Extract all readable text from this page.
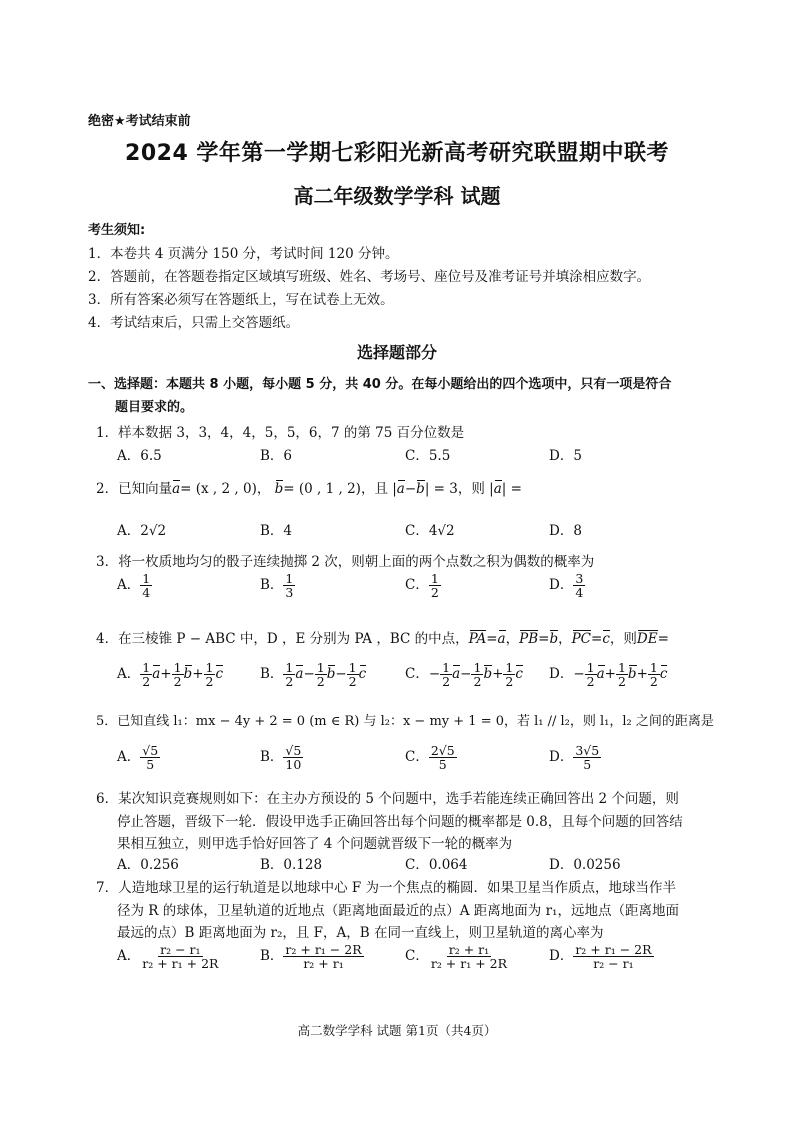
绝密★考试结束前
2024 学年第一学期七彩阳光新高考研究联盟期中联考
高二年级数学学科 试题
考生须知:
1．本卷共 4 页满分 150 分，考试时间 120 分钟。
2．答题前，在答题卷指定区域填写班级、姓名、考场号、座位号及准考证号并填涂相应数字。
3．所有答案必须写在答题纸上，写在试卷上无效。
4．考试结束后，只需上交答题纸。
选择题部分
一、选择题：本题共 8 小题，每小题 5 分，共 40 分。在每小题给出的四个选项中，只有一项是符合
题目要求的。
1．样本数据 3，3，4，4，5，5，6，7 的第 75 百分位数是
A．6.5	B．6	C．5.5	D．5
2．已知向量a= (x , 2 , 0)， b= (0 , 1 , 2)，且 |a−b| = 3，则 |a| =
A．2√2	B．4	C．4√2	D．8
3．将一枚质地均匀的骰子连续抛掷 2 次，则朝上面的两个点数之积为偶数的概率为
A． $\frac{1}{4}$	B． $\frac{1}{3}$	C． $\frac{1}{2}$	D． $\frac{3}{4}$
4．在三棱锥 P − ABC 中，D ，E 分别为 PA ，BC 的中点，PA=a，PB=b，PC=c，则DE=
A． $\frac{1}{2} a+ \frac{1}{2} b+ \frac{1}{2}$ c	B． $\frac{1}{2} a- \frac{1}{2} b- \frac{1}{2}$ c	C．− $\frac{1}{2} a- \frac{1}{2} b+ \frac{1}{2}$ c D．− $\frac{1}{2} a+ \frac{1}{2} b+ \frac{1}{2}$ c
5．已知直线 l₁：mx − 4y + 2 = 0 (m ∈ R) 与 l₂：x − my + 1 = 0，若 l₁ // l₂，则 l₁，l₂ 之间的距离是
A． $\frac{√5}{5}$	B． $\frac{√5}{10}$	C． $\frac{2√5}{5}$	D． $\frac{3√5}{5}$
6．某次知识竞赛规则如下：在主办方预设的 5 个问题中，选手若能连续正确回答出 2 个问题，则
停止答题，晋级下一轮．假设甲选手正确回答出每个问题的概率都是 0.8，且每个问题的回答结
果相互独立，则甲选手恰好回答了 4 个问题就晋级下一轮的概率为
A．0.256	B．0.128	C．0.064	D．0.0256
7．人造地球卫星的运行轨道是以地球中心 F 为一个焦点的椭圆．如果卫星当作质点，地球当作半
径为 R 的球体，卫星轨道的近地点（距离地面最近的点）A 距离地面为 r₁，远地点（距离地面
最远的点）B 距离地面为 r₂，且 F，A，B 在同一直线上，则卫星轨道的离心率为
A． $\frac{\text{r₂ − r₁}}{\text{r₂ + r₁ + 2R}}$	B． $\frac{\text{r₂ + r₁ − 2R}}{\text{r₂ + r₁}}$	C． $\frac{\text{r₂ + r₁}}{\text{r₂ + r₁ + 2R}}$	D． $\frac{\text{r₂ + r₁ − 2R}}{\text{r₂ − r₁}}$
高二数学学科 试题 第1页（共4页）
